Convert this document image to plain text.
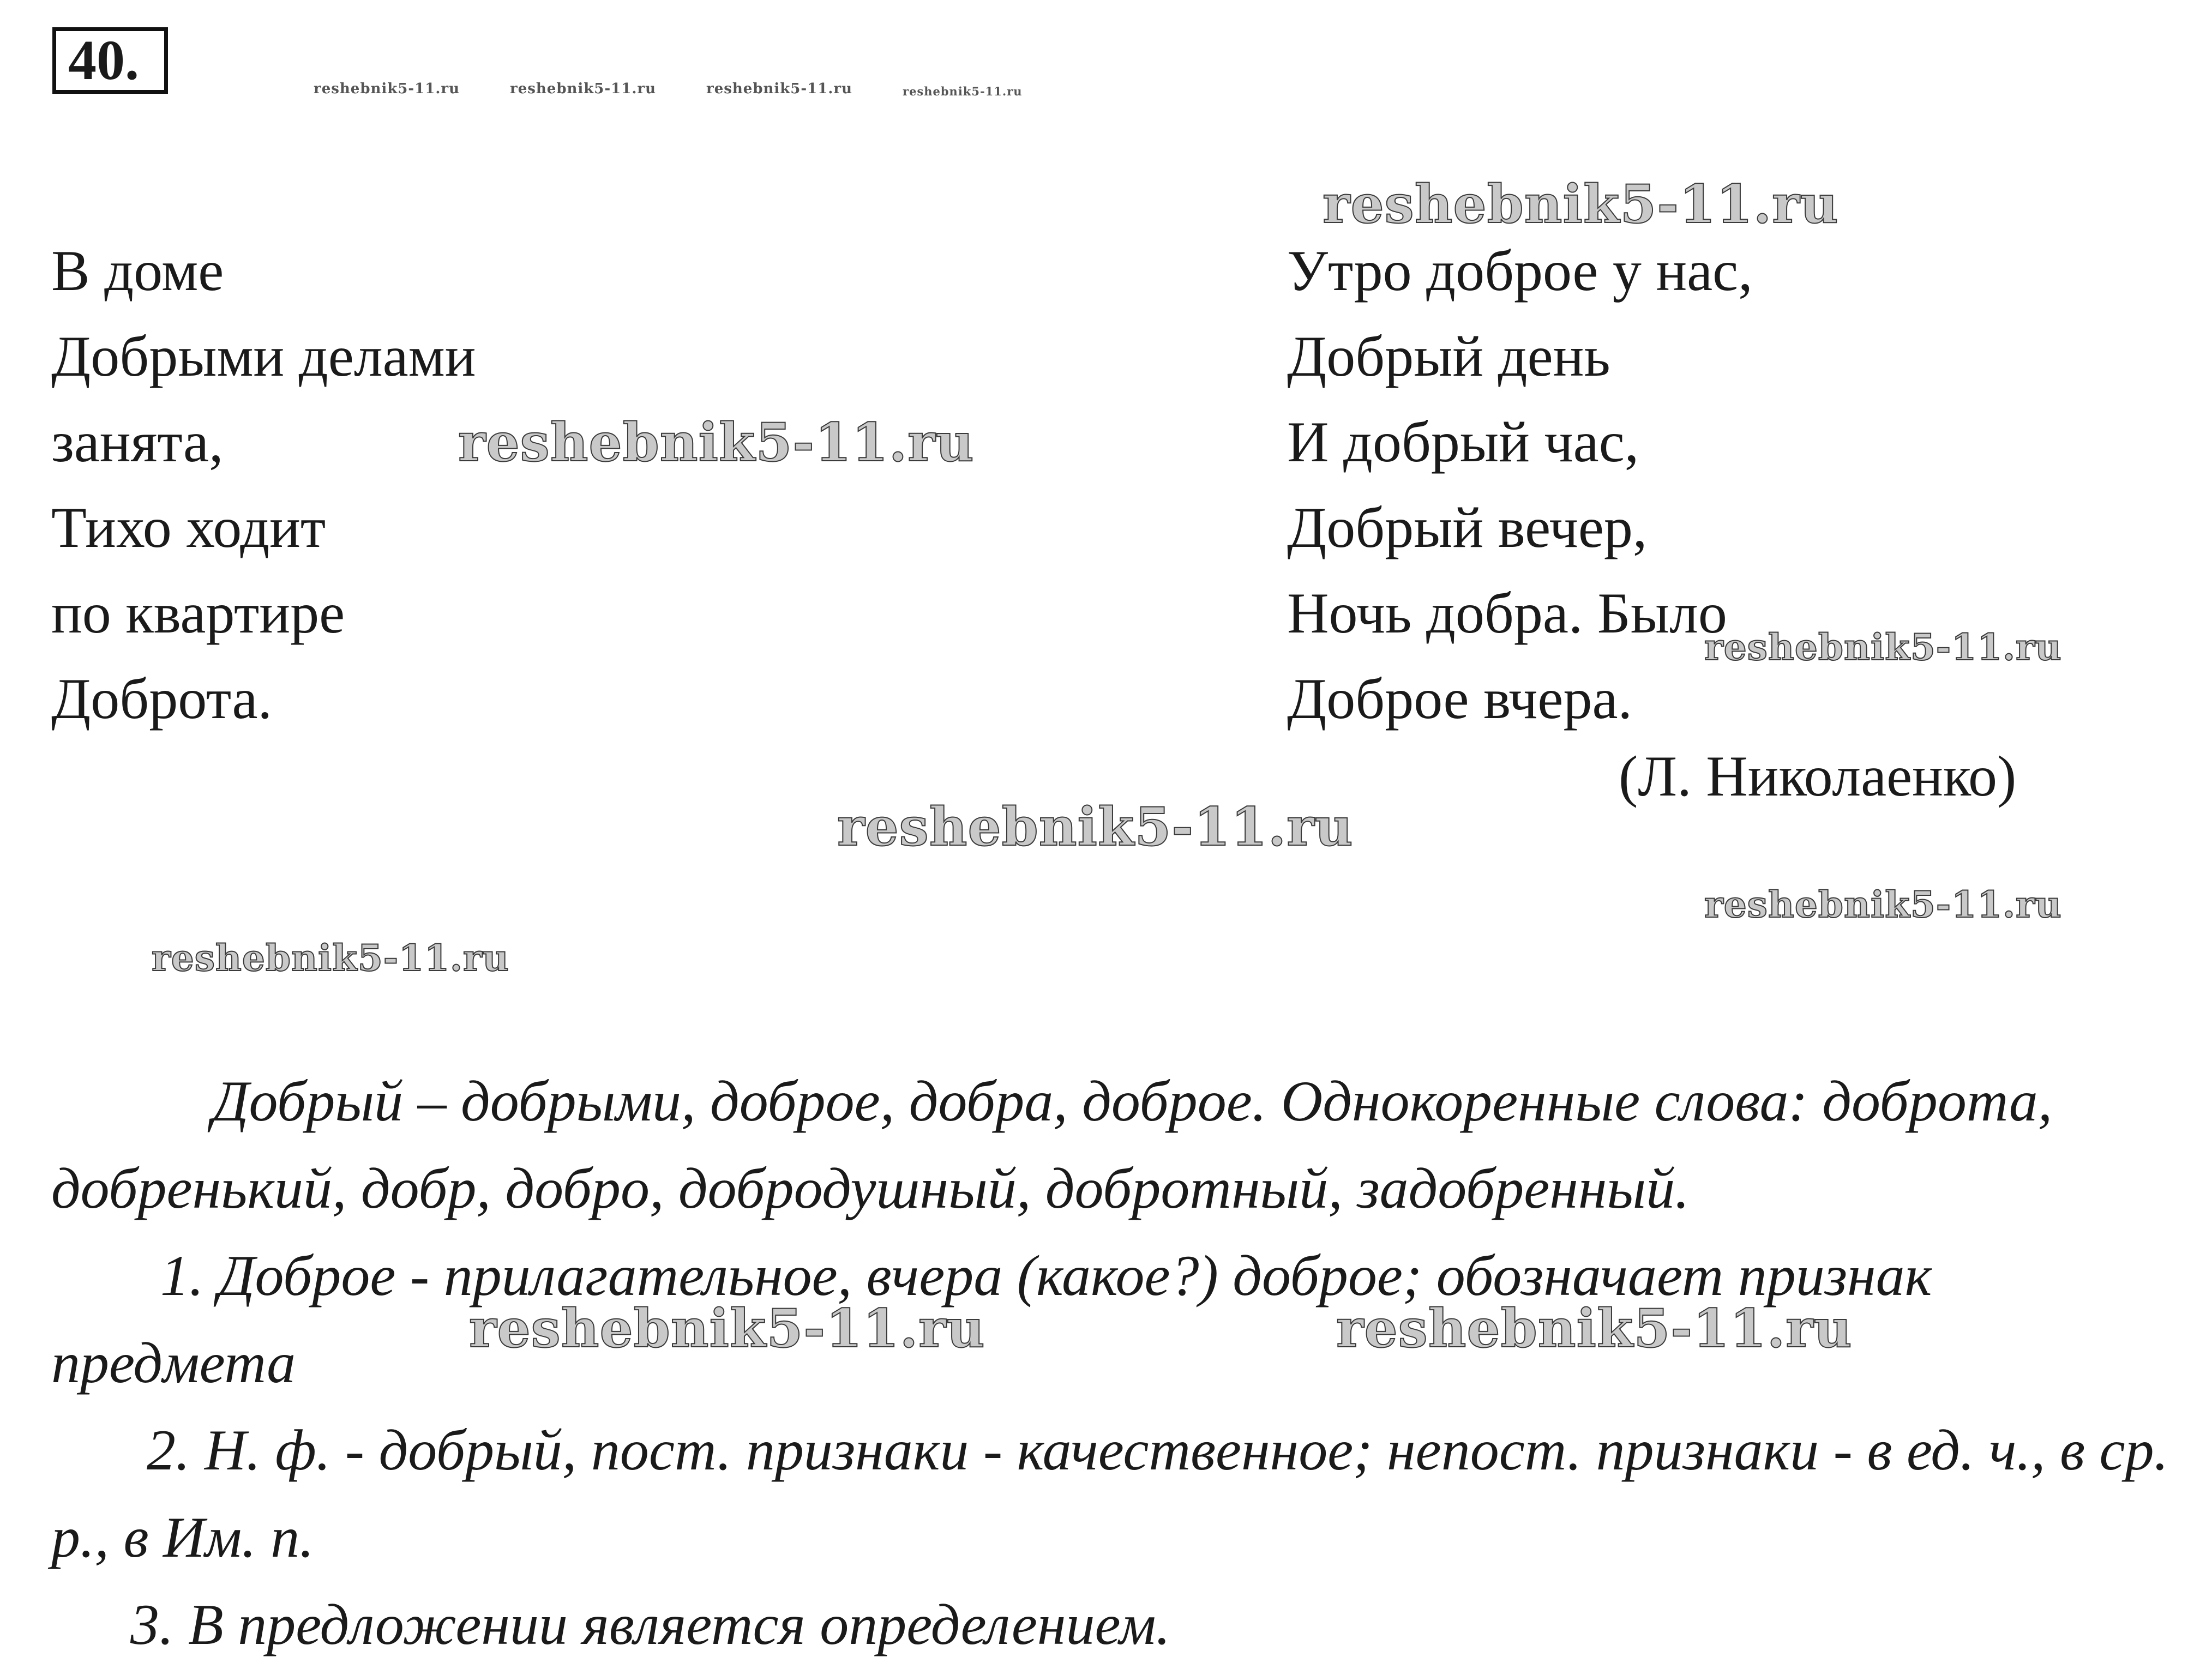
40.	reshebnik5-11.ru	reshebnik5-11.ru	reshebnik5-11.ru	reshebnik5-11.ru
В доме
Добрыми делами
занята,
Тихо ходит
по квартире
Доброта.
Утро доброе у нас,
Добрый день
И добрый час,
Добрый вечер,
Ночь добра. Было
Доброе вчера.
(Л. Николаенко)

Добрый – добрыми, доброе, добра, доброе. Однокоренные слова: доброта, добренький, добр, добро, добродушный, добротный, задобренный.

1. Доброе - прилагательное, вчера (какое?) доброе; обозначает признак предмета

2. Н. ф. - добрый, пост. признаки - качественное; непост. признаки - в ед. ч., в ср. р., в Им. п.

3. В предложении является определением.

reshebnik5-11.ru
reshebnik5-11.ru
reshebnik5-11.ru
reshebnik5-11.ru
reshebnik5-11.ru
reshebnik5-11.ru
reshebnik5-11.ru	reshebnik5-11.ru
